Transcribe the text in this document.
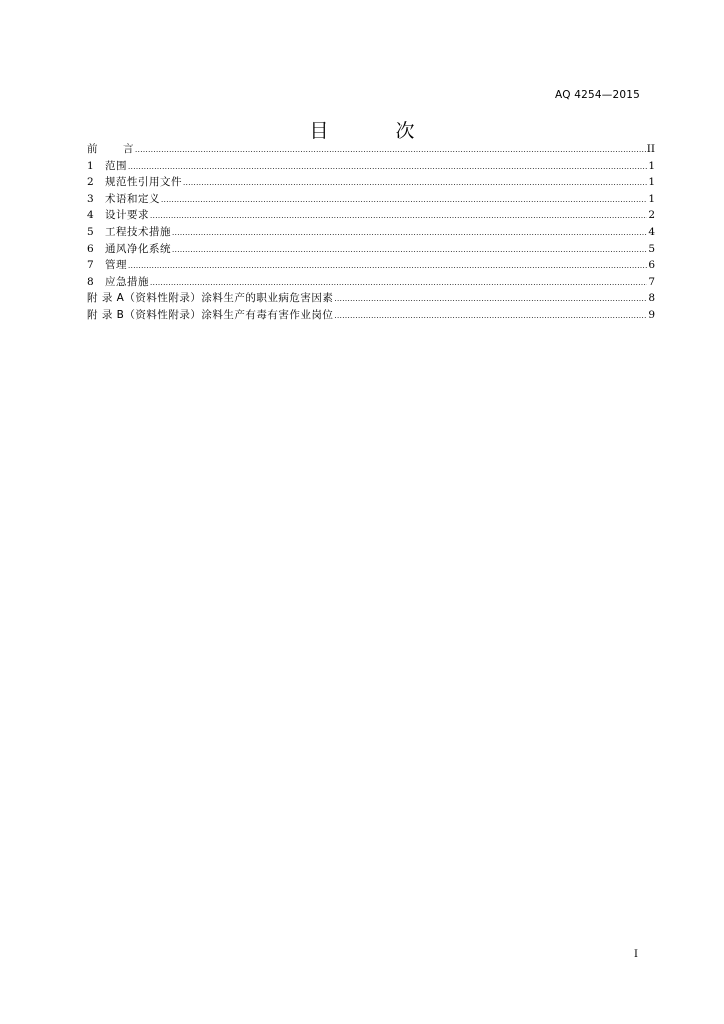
AQ 4254—2015
目　次
前 言 .....	II
1	范围 .....	1
2	规范性引用文件 .....	1
3	术语和定义 .....	1
4	设计要求 .....	2
5	工程技术措施 .....	4
6	通风净化系统 .....	5
7	管理 .....	6
8	应急措施 .....	7
附 录 A（资料性附录）涂料生产的职业病危害因素 .....	8
附 录 B（资料性附录）涂料生产有毒有害作业岗位 .....	9
I
